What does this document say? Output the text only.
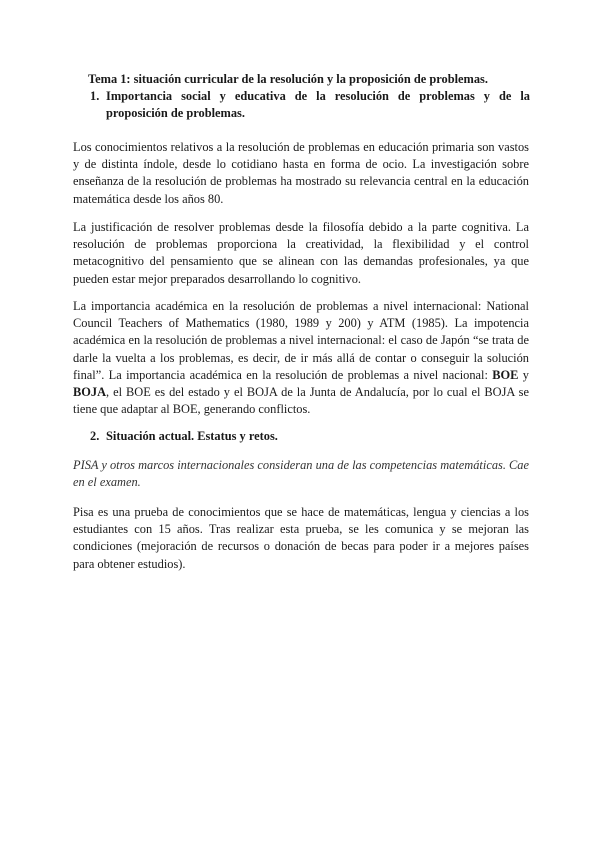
Tema 1: situación curricular de la resolución y la proposición de problemas.
1. Importancia social y educativa de la resolución de problemas y de la proposición de problemas.

Los conocimientos relativos a la resolución de problemas en educación primaria son vastos y de distinta índole, desde lo cotidiano hasta en forma de ocio. La investigación sobre enseñanza de la resolución de problemas ha mostrado su relevancia central en la educación matemática desde los años 80.

La justificación de resolver problemas desde la filosofía debido a la parte cognitiva. La resolución de problemas proporciona la creatividad, la flexibilidad y el control metacognitivo del pensamiento que se alinean con las demandas profesionales, ya que pueden estar mejor preparados desarrollando lo cognitivo.

La importancia académica en la resolución de problemas a nivel internacional: National Council Teachers of Mathematics (1980, 1989 y 200) y ATM (1985). La impotencia académica en la resolución de problemas a nivel internacional: el caso de Japón “se trata de darle la vuelta a los problemas, es decir, de ir más allá de contar o conseguir la solución final”. La importancia académica en la resolución de problemas a nivel nacional: BOE y BOJA, el BOE es del estado y el BOJA de la Junta de Andalucía, por lo cual el BOJA se tiene que adaptar al BOE, generando conflictos.

2. Situación actual. Estatus y retos.

PISA y otros marcos internacionales consideran una de las competencias matemáticas. Cae en el examen.

Pisa es una prueba de conocimientos que se hace de matemáticas, lengua y ciencias a los estudiantes con 15 años. Tras realizar esta prueba, se les comunica y se mejoran las condiciones (mejoración de recursos o donación de becas para poder ir a mejores países para obtener estudios).
